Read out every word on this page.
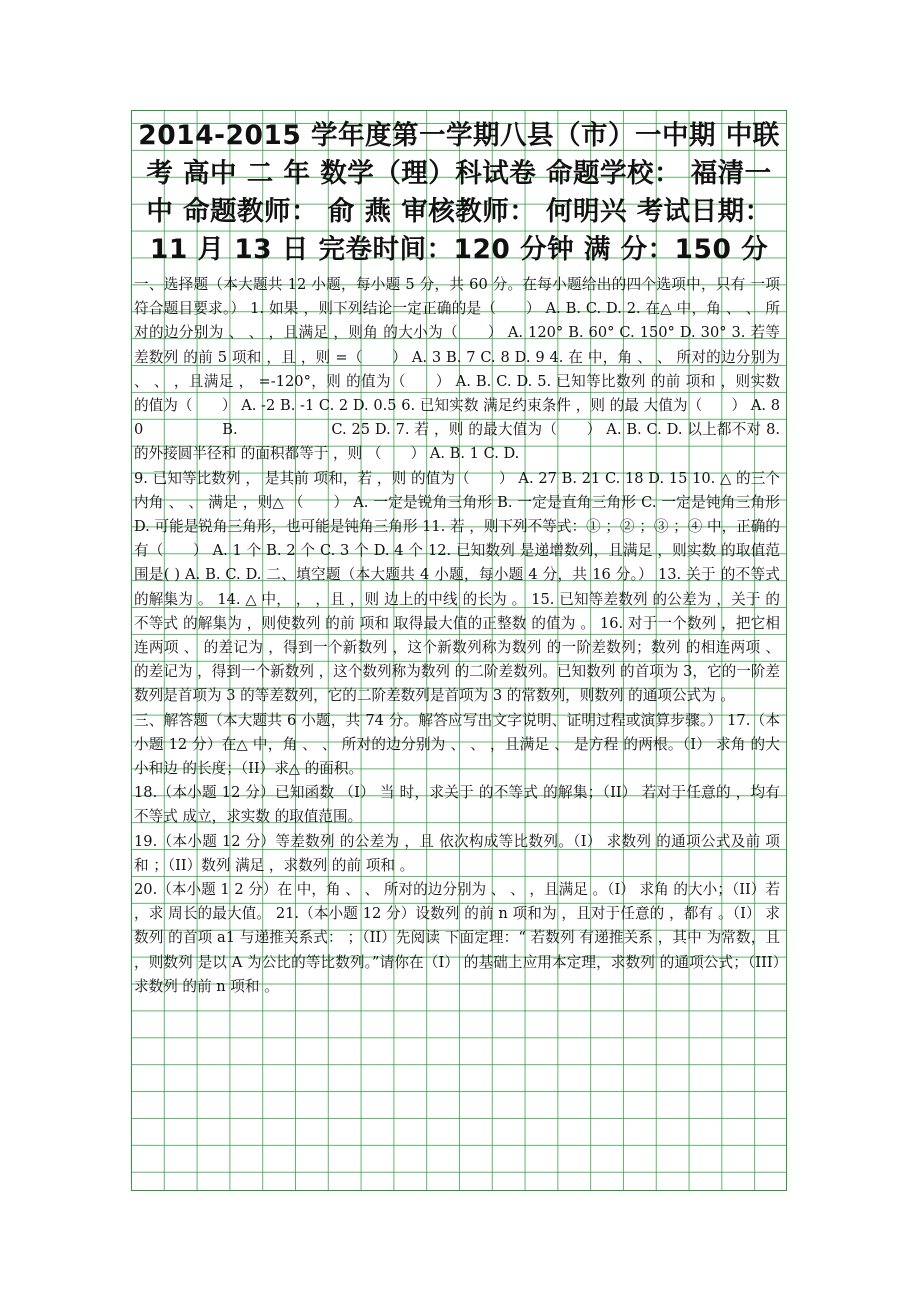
2014-2015 学年度第一学期八县（市）一中期 中联考 高中 二 年 数学（理）科试卷 命题学校： 福清一中 命题教师： 俞 燕 审核教师： 何明兴 考试日期：11 月 13 日 完卷时间：120 分钟 满 分：150 分

一、选择题（本大题共 12 小题，每小题 5 分，共 60 分。在每小题给出的四个选项中，只有 一项符合题目要求。） 1. 如果 ，则下列结论一定正确的是（　　） A. B. C. D. 2. 在△ 中，角 、 、 所对的边分别为 、 、 ，且满足 ，则角 的大小为（　　） A. 120° B. 60° C. 150° D. 30° 3. 若等差数列 的前 5 项和 ，且 ，则 =（　　） A. 3 B. 7 C. 8 D. 9 4. 在 中，角 、 、 所对的边分别为 、 、 ，且满足 ， =-120°，则 的值为（　　） A. B. C. D. 5. 已知等比数列 的前 项和 ，则实数 的值为（　　） A. -2 B. -1 C. 2 D. 0.5 6. 已知实数 满足约束条件 ，则 的最 大值为（　　） A. 80　　　　　 B.　　　　　　 C. 25 D. 7. 若 ，则 的最大值为（　　） A. B. C. D. 以上都不对 8. 的外接圆半径和 的面积都等于 ，则 （　　） A. B. 1 C. D.

9. 已知等比数列 ， 是其前 项和，若 ，则 的值为（　　） A. 27 B. 21 C. 18 D. 15 10. △ 的三个内角 、 、 满足 ，则△ （　　） A. 一定是锐角三角形 B. 一定是直角三角形 C. 一定是钝角三角形 D. 可能是锐角三角形，也可能是钝角三角形 11. 若 ，则下列不等式：① ；② ；③ ；④ 中，正确的有（　　） A. 1 个 B. 2 个 C. 3 个 D. 4 个 12. 已知数列 是递增数列，且满足 ，则实数 的取值范围是( ) A. B. C. D. 二、填空题（本大题共 4 小题，每小题 4 分，共 16 分。） 13. 关于 的不等式 的解集为 。 14. △ 中， ， ，且 ，则 边上的中线 的长为 。 15. 已知等差数列 的公差为 ，关于 的不等式 的解集为 ，则使数列 的前 项和 取得最大值的正整数 的值为 。 16. 对于一个数列 ，把它相连两项 、 的差记为 ，得到一个新数列 ，这个新数列称为数列 的一阶差数列；数列 的相连两项 、 的差记为 ，得到一个新数列 ，这个数列称为数列 的二阶差数列。已知数列 的首项为 3，它的一阶差数列是首项为 3 的等差数列，它的二阶差数列是首项为 3 的常数列，则数列 的通项公式为 。

三、解答题（本大题共 6 小题，共 74 分。解答应写出文字说明、证明过程或演算步骤。） 17.（本小题 12 分）在△ 中，角 、 、 所对的边分别为 、 、 ，且满足 、 是方程 的两根。（I） 求角 的大小和边 的长度；（II）求△ 的面积。

18.（本小题 12 分）已知函数 （I） 当 时，求关于 的不等式 的解集；（II） 若对于任意的 ，均有不等式 成立，求实数 的取值范围。

19.（本小题 12 分）等差数列 的公差为 ，且 依次构成等比数列。（I） 求数列 的通项公式及前 项和 ；（II）数列 满足 ，求数列 的前 项和 。

20.（本小题 1 2 分）在 中，角 、 、 所对的边分别为 、 、 ，且满足 。（I） 求角 的大小；（II）若 ，求 周长的最大值。 21.（本小题 12 分）设数列 的前 n 项和为 ，且对于任意的 ，都有 。（I） 求数列 的首项 a1 与递推关系式： ；（II）先阅读 下面定理：“ 若数列 有递推关系 ，其中 为常数，且 ，则数列 是以 A 为公比的等比数列。”请你在（I） 的基础上应用本定理，求数列 的通项公式；（III）求数列 的前 n 项和 。
